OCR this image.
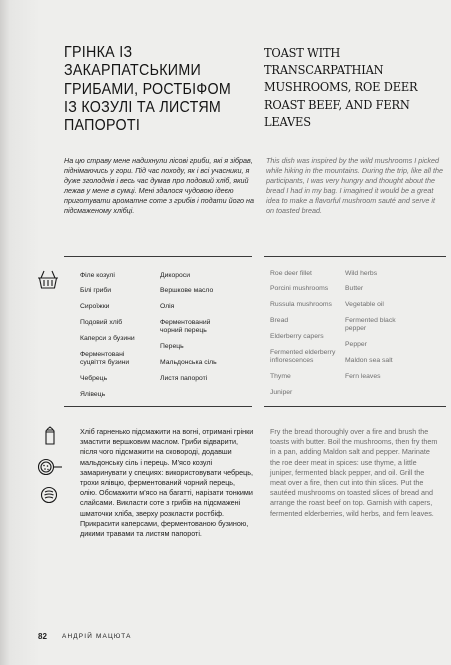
ГРІНКА ІЗ ЗАКАРПАТСЬКИМИ ГРИБАМИ, РОСТБІФОМ ІЗ КОЗУЛІ ТА ЛИСТЯМ ПАПОРОТІ
TOAST WITH TRANSCARPATHIAN MUSHROOMS, ROE DEER ROAST BEEF, AND FERN LEAVES
На цю страву мене надихнули лісові гриби, які я зібрав, піднімаючись у гори. Під час походу, як і всі учасники, я дуже зголоднів і весь час думав про подовий хліб, який лежав у мене в сумці. Мені здалося чудовою ідеєю приготувати ароматне соте з грибів і подати його на підсмаженому хлібці.
This dish was inspired by the wild mushrooms I picked while hiking in the mountains. During the trip, like all the participants, I was very hungry and thought about the bread I had in my bag. I imagined it would be a great idea to make a flavorful mushroom sauté and serve it on toasted bread.
Філе козулі
Білі гриби
Сироїжки
Подовий хліб
Каперси з бузини
Ферментовані суцвіття бузини
Чебрець
Ялівець
Дикороси
Вершкове масло
Олія
Ферментований чорний перець
Перець
Мальдонська сіль
Листя папороті
Roe deer fillet
Porcini mushrooms
Russula mushrooms
Bread
Elderberry capers
Fermented elderberry inflorescences
Thyme
Juniper
Wild herbs
Butter
Vegetable oil
Fermented black pepper
Pepper
Maldon sea salt
Fern leaves
Хліб гарненько підсмажити на вогні, отримані грінки змастити вершковим маслом. Гриби відварити, після чого підсмажити на сковороді, додавши мальдонську сіль і перець. М'ясо козулі замаринувати у специях: використовувати чебрець, трохи ялівцю, ферментований чорний перець, олію. Обсмажити м'ясо на багатті, нарізати тонкими слайсами. Викласти соте з грибів на підсмажені шматочки хліба, зверху розкласти ростбіф. Прикрасити каперсами, ферментованою бузиною, дикими травами та листям папороті.
Fry the bread thoroughly over a fire and brush the toasts with butter. Boil the mushrooms, then fry them in a pan, adding Maldon salt and pepper. Marinate the roe deer meat in spices: use thyme, a little juniper, fermented black pepper, and oil. Grill the meat over a fire, then cut into thin slices. Put the sautéed mushrooms on toasted slices of bread and arrange the roast beef on top. Garnish with capers, fermented elderberries, wild herbs, and fern leaves.
82 АНДРІЙ МАЦЮТА
